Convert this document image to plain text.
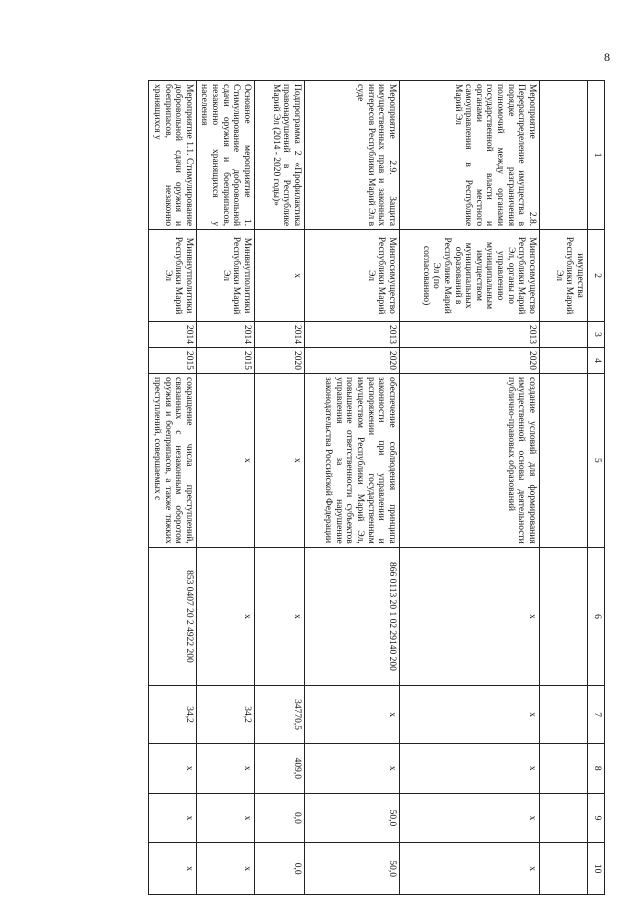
8
1	2	3	4	5	6	7	8	9	10
	имущества Республики Марий Эл								
Мероприятие 2.8. Перераспределение имущества в порядке разграничения полномочий между органами государственной власти и органами местного самоуправления в Республике Марий Эл	Мингосимущество Республики Марий Эл, органы по управлению муниципальным имуществом муниципальных образований в Республике Марий Эл (по согласованию)	2013	2020	создание условий для формирования имущественной основы деятельности публично-правовых образований	х	х	х	х	х
Мероприятие 2.9. Защита имущественных прав и законных интересов Республики Марий Эл в суде	Мингосимущество Республики Марий Эл	2013	2020	обеспечение соблюдения принципа законности при управлении и распоряжении государственным имуществом Республики Марий Эл, повышение ответственности субъектов управления за нарушение законодательства Российской Федерации	866 0113 20 1 02 29140 200	х	х	50,0	50,0
Подпрограмма 2 «Профилактика правонарушений в Республике Марий Эл (2014 - 2020 годы)»	х	2014	2020	х	х	34770,5	409,0	0,0	0,0
Основное мероприятие 1. Стимулирование добровольной сдачи оружия и боеприпасов, незаконно хранящихся у населения	Минвнутполитики Республики Марий Эл	2014	2015	х	х	34,2	х	х	х
Мероприятие 1.1. Стимулирование добровольной сдачи оружия и боеприпасов, незаконно хранящихся у	Минвнутполитики Республики Марий Эл	2014	2015	сокращение числа преступлений, связанных с незаконным оборотом оружия и боеприпасов, а также тяжких преступлений, совершаемых с	853 0407 20 2 4922 200	34,2	х	х	х
